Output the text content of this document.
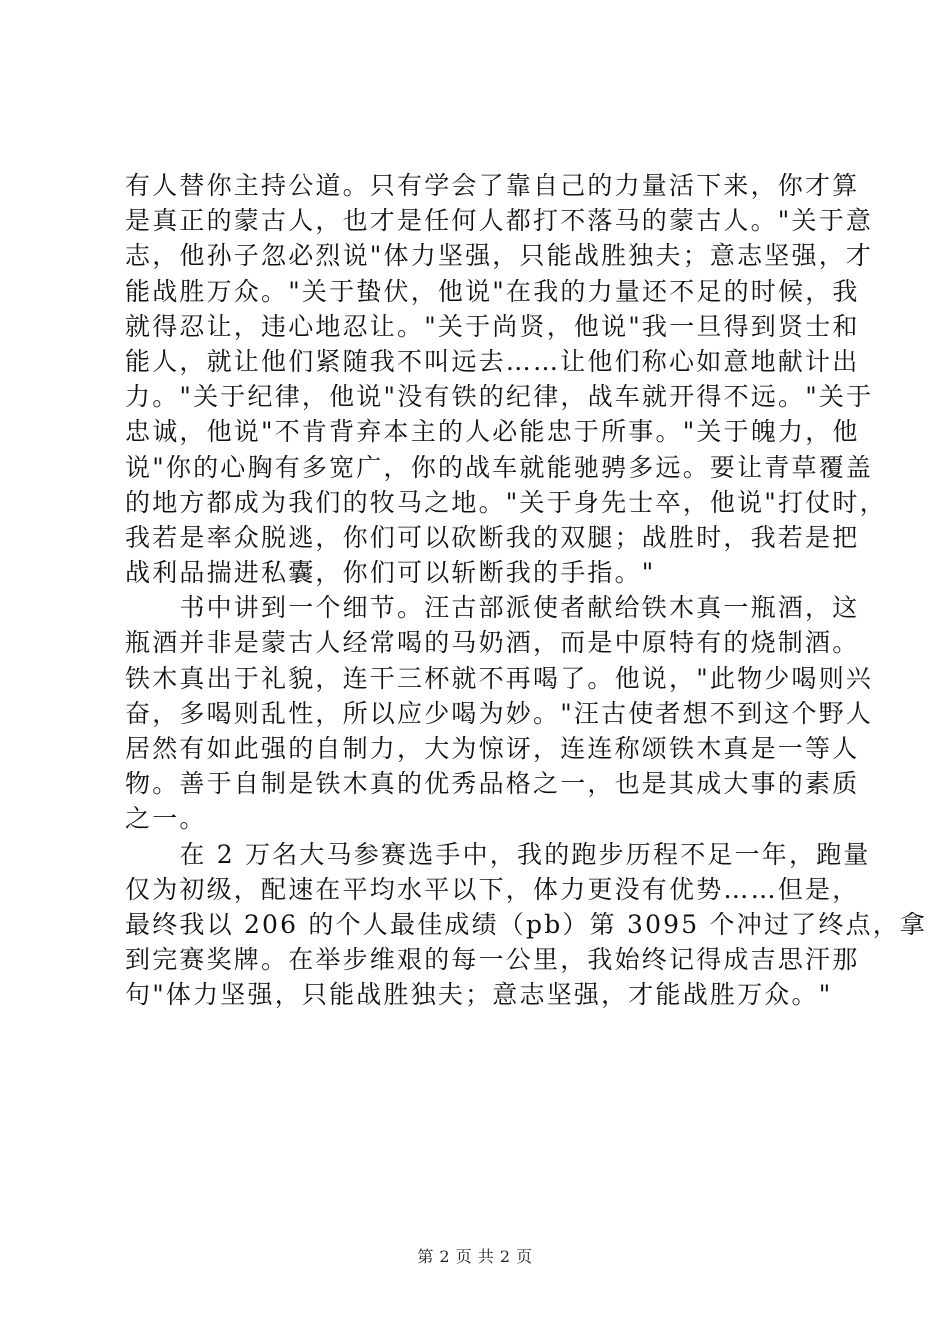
有人替你主持公道。只有学会了靠自己的力量活下来，你才算
是真正的蒙古人，也才是任何人都打不落马的蒙古人。"关于意
志，他孙子忽必烈说"体力坚强，只能战胜独夫；意志坚强，才
能战胜万众。"关于蛰伏，他说"在我的力量还不足的时候，我
就得忍让，违心地忍让。"关于尚贤，他说"我一旦得到贤士和
能人，就让他们紧随我不叫远去……让他们称心如意地献计出
力。"关于纪律，他说"没有铁的纪律，战车就开得不远。"关于
忠诚，他说"不肯背弃本主的人必能忠于所事。"关于魄力，他
说"你的心胸有多宽广，你的战车就能驰骋多远。要让青草覆盖
的地方都成为我们的牧马之地。"关于身先士卒，他说"打仗时，
我若是率众脱逃，你们可以砍断我的双腿；战胜时，我若是把
战利品揣进私囊，你们可以斩断我的手指。"
　　书中讲到一个细节。汪古部派使者献给铁木真一瓶酒，这
瓶酒并非是蒙古人经常喝的马奶酒，而是中原特有的烧制酒。
铁木真出于礼貌，连干三杯就不再喝了。他说，"此物少喝则兴
奋，多喝则乱性，所以应少喝为妙。"汪古使者想不到这个野人
居然有如此强的自制力，大为惊讶，连连称颂铁木真是一等人
物。善于自制是铁木真的优秀品格之一，也是其成大事的素质
之一。
　　在 2 万名大马参赛选手中，我的跑步历程不足一年，跑量
仅为初级，配速在平均水平以下，体力更没有优势……但是，
最终我以 206 的个人最佳成绩（pb）第 3095 个冲过了终点，拿
到完赛奖牌。在举步维艰的每一公里，我始终记得成吉思汗那
句"体力坚强，只能战胜独夫；意志坚强，才能战胜万众。"
第 2 页 共 2 页
